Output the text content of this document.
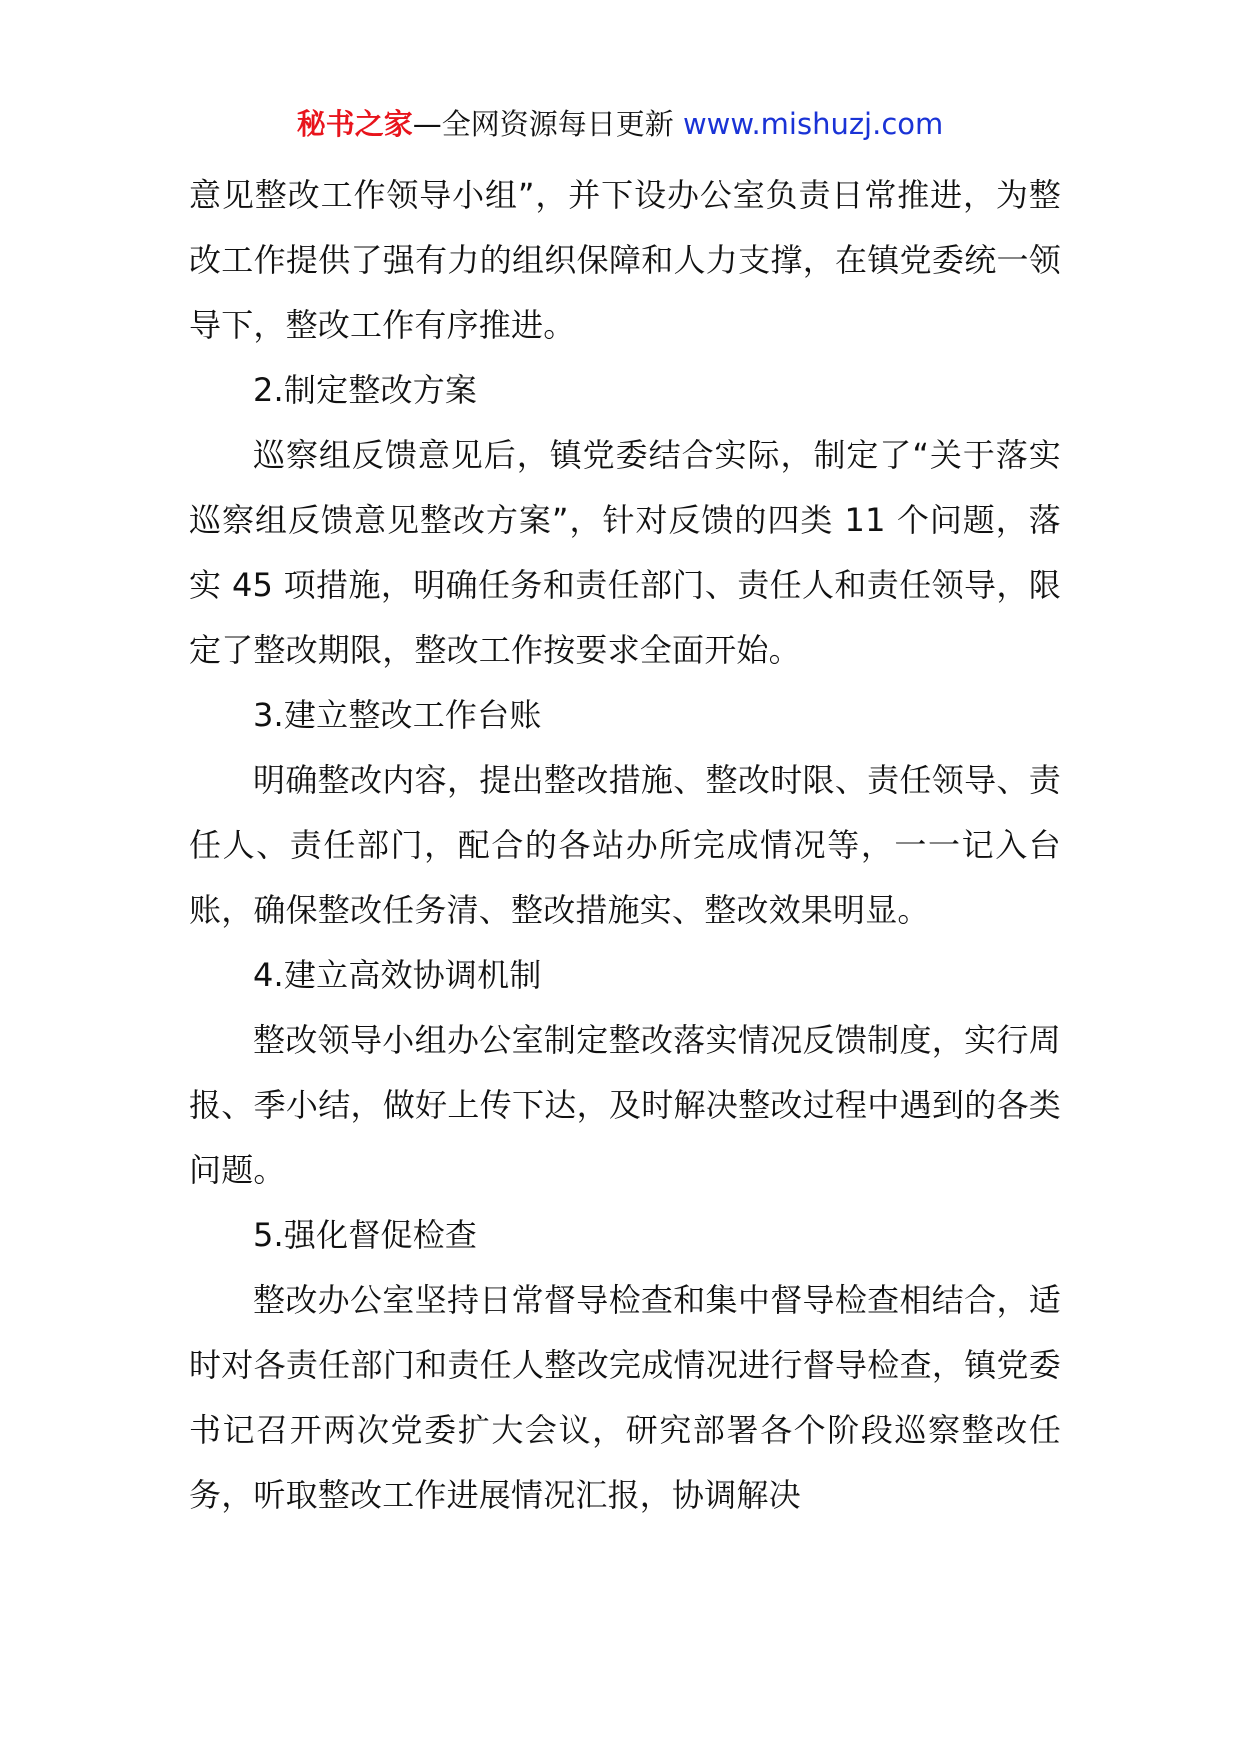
秘书之家—全网资源每日更新 www.mishuzj.com

意见整改工作领导小组”，并下设办公室负责日常推进，为整改工作提供了强有力的组织保障和人力支撑，在镇党委统一领导下，整改工作有序推进。

2.制定整改方案

巡察组反馈意见后，镇党委结合实际，制定了“关于落实巡察组反馈意见整改方案”，针对反馈的四类 11 个问题，落实 45 项措施，明确任务和责任部门、责任人和责任领导，限定了整改期限，整改工作按要求全面开始。

3.建立整改工作台账

明确整改内容，提出整改措施、整改时限、责任领导、责任人、责任部门，配合的各站办所完成情况等，一一记入台账，确保整改任务清、整改措施实、整改效果明显。

4.建立高效协调机制

整改领导小组办公室制定整改落实情况反馈制度，实行周报、季小结，做好上传下达，及时解决整改过程中遇到的各类问题。

5.强化督促检查

整改办公室坚持日常督导检查和集中督导检查相结合，适时对各责任部门和责任人整改完成情况进行督导检查，镇党委书记召开两次党委扩大会议，研究部署各个阶段巡察整改任务，听取整改工作进展情况汇报，协调解决
